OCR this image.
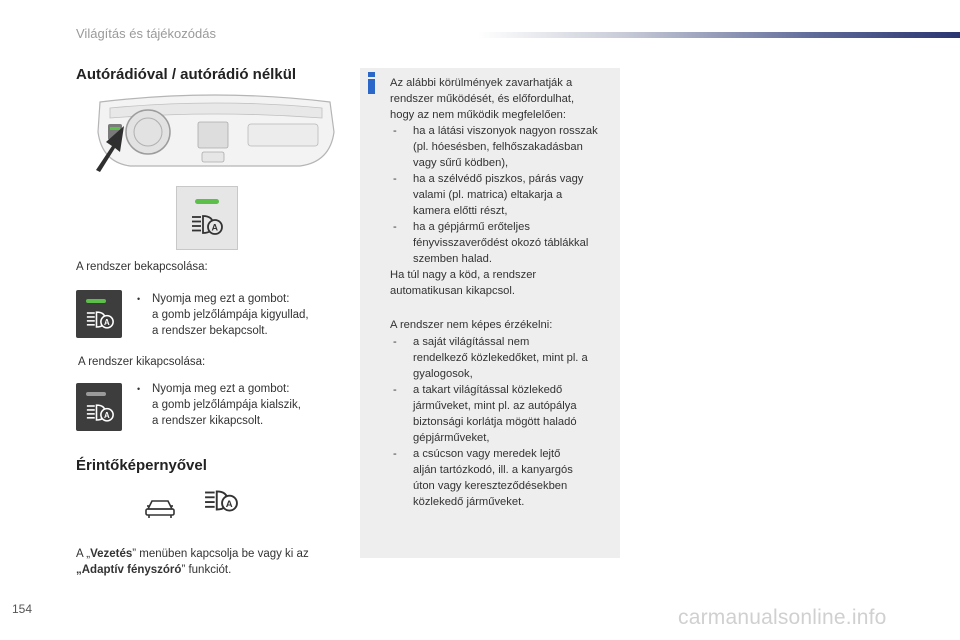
Világítás és tájékozódás
Autórádióval / autórádió nélkül
A
A rendszer bekapcsolása:
A
• Nyomja meg ezt a gombot:
a gomb jelzőlámpája kigyullad,
a rendszer bekapcsolt.
A rendszer kikapcsolása:
A
• Nyomja meg ezt a gombot:
a gomb jelzőlámpája kialszik,
a rendszer kikapcsolt.
Érintőképernyővel
A
A „Vezetés” menüben kapcsolja be vagy ki az
„Adaptív fényszóró” funkciót.
Az alábbi körülmények zavarhatják a
rendszer működését, és előfordulhat,
hogy az nem működik megfelelően:
- ha a látási viszonyok nagyon rosszak
(pl. hóesésben, felhőszakadásban
vagy sűrű ködben),
- ha a szélvédő piszkos, párás vagy
valami (pl. matrica) eltakarja a
kamera előtti részt,
- ha a gépjármű erőteljes
fényvisszaverődést okozó táblákkal
szemben halad.
Ha túl nagy a köd, a rendszer
automatikusan kikapcsol.
A rendszer nem képes érzékelni:
- a saját világítással nem
rendelkező közlekedőket, mint pl. a
gyalogosok,
- a takart világítással közlekedő
járműveket, mint pl. az autópálya
biztonsági korlátja mögött haladó
gépjárműveket,
- a csúcson vagy meredek lejtő
alján tartózkodó, ill. a kanyargós
úton vagy kereszteződésekben
közlekedő járműveket.
154	carmanualsonline.info
